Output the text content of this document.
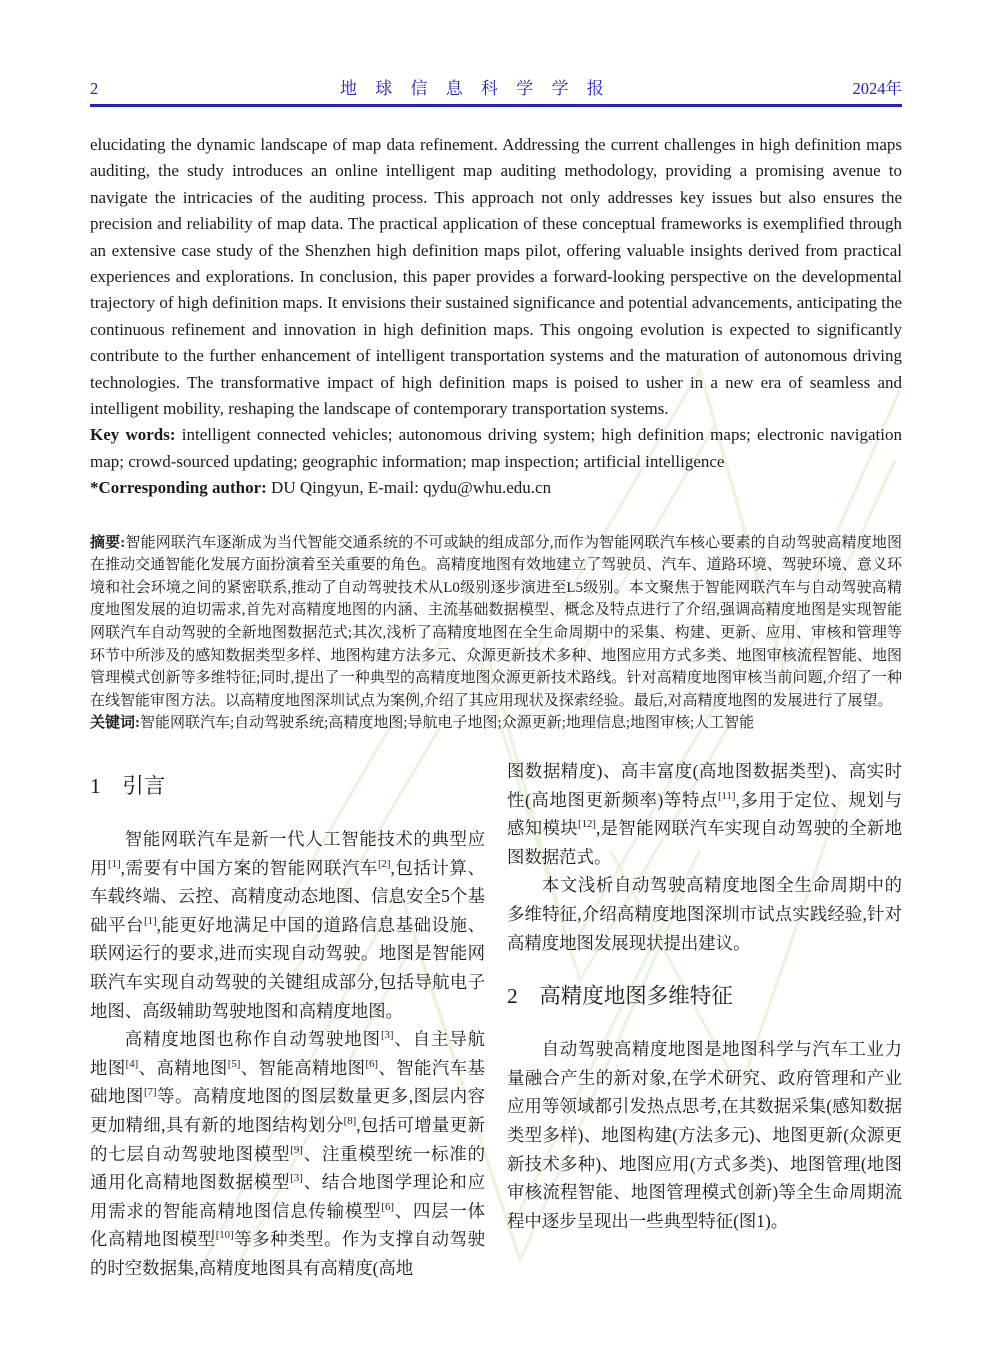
2	地 球 信 息 科 学 学 报	2024年

elucidating the dynamic landscape of map data refinement. Addressing the current challenges in high definition maps auditing, the study introduces an online intelligent map auditing methodology, providing a promising avenue to navigate the intricacies of the auditing process. This approach not only addresses key issues but also ensures the precision and reliability of map data. The practical application of these conceptual frameworks is exemplified through an extensive case study of the Shenzhen high definition maps pilot, offering valuable insights derived from practical experiences and explorations. In conclusion, this paper provides a forward-looking perspective on the developmental trajectory of high definition maps. It envisions their sustained significance and potential advancements, anticipating the continuous refinement and innovation in high definition maps. This ongoing evolution is expected to significantly contribute to the further enhancement of intelligent transportation systems and the maturation of autonomous driving technologies. The transformative impact of high definition maps is poised to usher in a new era of seamless and intelligent mobility, reshaping the landscape of contemporary transportation systems.

Key words: intelligent connected vehicles; autonomous driving system; high definition maps; electronic navigation map; crowd-sourced updating; geographic information; map inspection; artificial intelligence

*Corresponding author: DU Qingyun, E-mail: qydu@whu.edu.cn

摘要:智能网联汽车逐渐成为当代智能交通系统的不可或缺的组成部分,而作为智能网联汽车核心要素的自动驾驶高精度地图在推动交通智能化发展方面扮演着至关重要的角色。高精度地图有效地建立了驾驶员、汽车、道路环境、驾驶环境、意义环境和社会环境之间的紧密联系,推动了自动驾驶技术从L0级别逐步演进至L5级别。本文聚焦于智能网联汽车与自动驾驶高精度地图发展的迫切需求,首先对高精度地图的内涵、主流基础数据模型、概念及特点进行了介绍,强调高精度地图是实现智能网联汽车自动驾驶的全新地图数据范式;其次,浅析了高精度地图在全生命周期中的采集、构建、更新、应用、审核和管理等环节中所涉及的感知数据类型多样、地图构建方法多元、众源更新技术多种、地图应用方式多类、地图审核流程智能、地图管理模式创新等多维特征;同时,提出了一种典型的高精度地图众源更新技术路线。针对高精度地图审核当前问题,介绍了一种在线智能审图方法。以高精度地图深圳试点为案例,介绍了其应用现状及探索经验。最后,对高精度地图的发展进行了展望。

关键词:智能网联汽车;自动驾驶系统;高精度地图;导航电子地图;众源更新;地理信息;地图审核;人工智能

1 引言

智能网联汽车是新一代人工智能技术的典型应用[1],需要有中国方案的智能网联汽车[2],包括计算、车载终端、云控、高精度动态地图、信息安全5个基础平台[1],能更好地满足中国的道路信息基础设施、联网运行的要求,进而实现自动驾驶。地图是智能网联汽车实现自动驾驶的关键组成部分,包括导航电子地图、高级辅助驾驶地图和高精度地图。

高精度地图也称作自动驾驶地图[3]、自主导航地图[4]、高精地图[5]、智能高精地图[6]、智能汽车基础地图[7]等。高精度地图的图层数量更多,图层内容更加精细,具有新的地图结构划分[8],包括可增量更新的七层自动驾驶地图模型[9]、注重模型统一标准的通用化高精地图数据模型[3]、结合地图学理论和应用需求的智能高精地图信息传输模型[6]、四层一体化高精地图模型[10]等多种类型。作为支撑自动驾驶的时空数据集,高精度地图具有高精度(高地

图数据精度)、高丰富度(高地图数据类型)、高实时性(高地图更新频率)等特点[11],多用于定位、规划与感知模块[12],是智能网联汽车实现自动驾驶的全新地图数据范式。

本文浅析自动驾驶高精度地图全生命周期中的多维特征,介绍高精度地图深圳市试点实践经验,针对高精度地图发展现状提出建议。

2 高精度地图多维特征

自动驾驶高精度地图是地图科学与汽车工业力量融合产生的新对象,在学术研究、政府管理和产业应用等领域都引发热点思考,在其数据采集(感知数据类型多样)、地图构建(方法多元)、地图更新(众源更新技术多种)、地图应用(方式多类)、地图管理(地图审核流程智能、地图管理模式创新)等全生命周期流程中逐步呈现出一些典型特征(图1)。
